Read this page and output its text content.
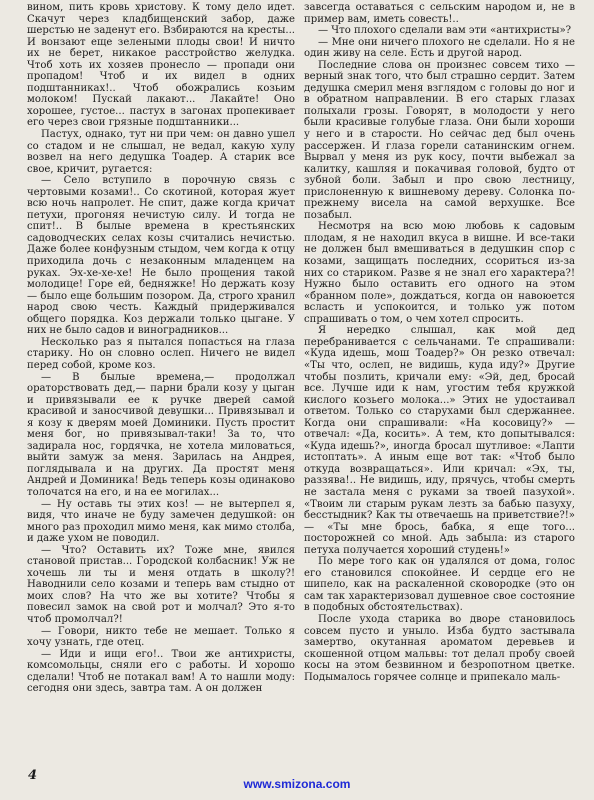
вином, пить кровь христову. К тому дело идет. Скачут через кладбищенский забор, даже шерстью не заденут его. Взбираются на кресты... И вонзают еще зелеными плоды свои! И ничто их не берет, никакое расстройство желудка. Чтоб хоть их хозяев пронесло — пропади они пропадом! Чтоб и их видел в одних подштанниках!.. Чтоб обожрались козьим молоком! Пускай лакают... Лакайте! Оно хорошее, густое... пастух в загонах пропекивает его через свои грязные подштанники...

Пастух, однако, тут ни при чем: он давно ушел со стадом и не слышал, не ведал, какую хулу возвел на него дедушка Тоадер. А старик все свое, кричит, ругается:

— Село вступило в порочную связь с чертовыми козами!.. Со скотиной, которая жует всю ночь напролет. Не спит, даже когда кричат петухи, прогоняя нечистую силу. И тогда не спит!.. В былые времена в крестьянских садоводческих селах козы считались нечистью. Даже более конфузным стыдом, чем когда к отцу приходила дочь с незаконным младенцем на руках. Эх-хе-хе-хе! Не было прощения такой молодице! Горе ей, бедняжке! Но держать козу — было еще большим позором. Да, строго хранил народ свою честь. Каждый придерживался общего порядка. Коз держали только цыгане. У них не было садов и виноградников...

Несколько раз я пытался попасться на глаза старику. Но он словно ослеп. Ничего не видел перед собой, кроме коз.

— В былые времена,— продолжал ораторствовать дед,— парни брали козу у цыган и привязывали ее к ручке дверей самой красивой и заносчивой девушки... Привязывал и я козу к дверям моей Доминики. Пусть простит меня бог, но привязывал-таки! За то, что задирала нос, гордячка, не хотела миловаться, выйти замуж за меня. Зарилась на Андрея, поглядывала и на других. Да простят меня Андрей и Доминика! Ведь теперь козы одинаково толочатся на его, и на ее могилах...

— Ну оставь ты этих коз! — не вытерпел я, видя, что иначе не буду замечен дедушкой: он много раз проходил мимо меня, как мимо столба, и даже ухом не поводил.

— Что? Оставить их? Тоже мне, явился становой пристав... Городской колбасник! Уж не хочешь ли ты и меня отдать в школу?! Наводнили село козами и теперь вам стыдно от моих слов? На что же вы хотите? Чтобы я повесил замок на свой рот и молчал? Это я-то чтоб промолчал?!

— Говори, никто тебе не мешает. Только я хочу узнать, где отец.

— Иди и ищи его!.. Твои же антихристы, комсомольцы, сняли его с работы. И хорошо сделали! Чтоб не потакал вам! А то нашли моду: сегодня они здесь, завтра там. А он должен

завсегда оставаться с сельским народом и, не в пример вам, иметь совесть!..

— Что плохого сделали вам эти «антихристы»?

— Мне они ничего плохого не сделали. Но я не один живу на селе. Есть и другой народ.

Последние слова он произнес совсем тихо — верный знак того, что был страшно сердит. Затем дедушка смерил меня взглядом с головы до ног и в обратном направлении. В его старых глазах полыхали грозы. Говорят, в молодости у него были красивые голубые глаза. Они были хороши у него и в старости. Но сейчас дед был очень рассержен. И глаза горели сатанинским огнем. Вырвал у меня из рук косу, почти выбежал за калитку, кашляя и покачивая головой, будто от зубной боли. Забыл и про свою лестницу, прислоненную к вишневому дереву. Солонка по-прежнему висела на самой верхушке. Все позабыл.

Несмотря на всю мою любовь к садовым плодам, я не находил вкуса в вишне. И все-таки не должен был вмешиваться в дедушкин спор с козами, защищать последних, ссориться из-за них со стариком. Разве я не знал его характера?! Нужно было оставить его одного на этом «бранном поле», дождаться, когда он навоюется всласть и успокоится, и только уж потом спрашивать о том, о чем хотел спросить.

Я нередко слышал, как мой дед перебранивается с сельчанами. Те спрашивали: «Куда идешь, мош Тоадер?» Он резко отвечал: «Ты что, ослеп, не видишь, куда иду?» Другие чтобы позлить, кричали ему: «Эй, дед, бросай все. Лучше иди к нам, угостим тебя кружкой кислого козьего молока...» Этих не удостаивал ответом. Только со старухами был сдержаннее. Когда они спрашивали: «На косовицу?» — отвечал: «Да, косить». А тем, кто допытывался: «Куда идешь?», иногда бросал шутливое: «Лапти истоптать». А иным еще вот так: «Чтоб было откуда возвращаться». Или кричал: «Эх, ты, раззява!.. Не видишь, иду, прячусь, чтобы смерть не застала меня с руками за твоей пазухой». «Твоим ли старым рукам лезть за бабью пазуху, бесстыдник? Как ты отвечаешь на приветствие?!» — «Ты мне брось, бабка, я еще того... посторожней со мной. Адь забыла: из старого петуха получается хороший студень!»

По мере того как он удалялся от дома, голос его становился спокойнее. И сердце его не шипело, как на раскаленной сковородке (это он сам так характеризовал душевное свое состояние в подобных обстоятельствах).

После ухода старика во дворе становилось совсем пусто и уныло. Изба будто застывала замертво, окутанная ароматом деревьев и скошенной отцом мальвы: тот делал пробу своей косы на этом безвинном и безропотном цветке. Подымалось горячее солнце и припекало маль-

4
www.smizona.com
